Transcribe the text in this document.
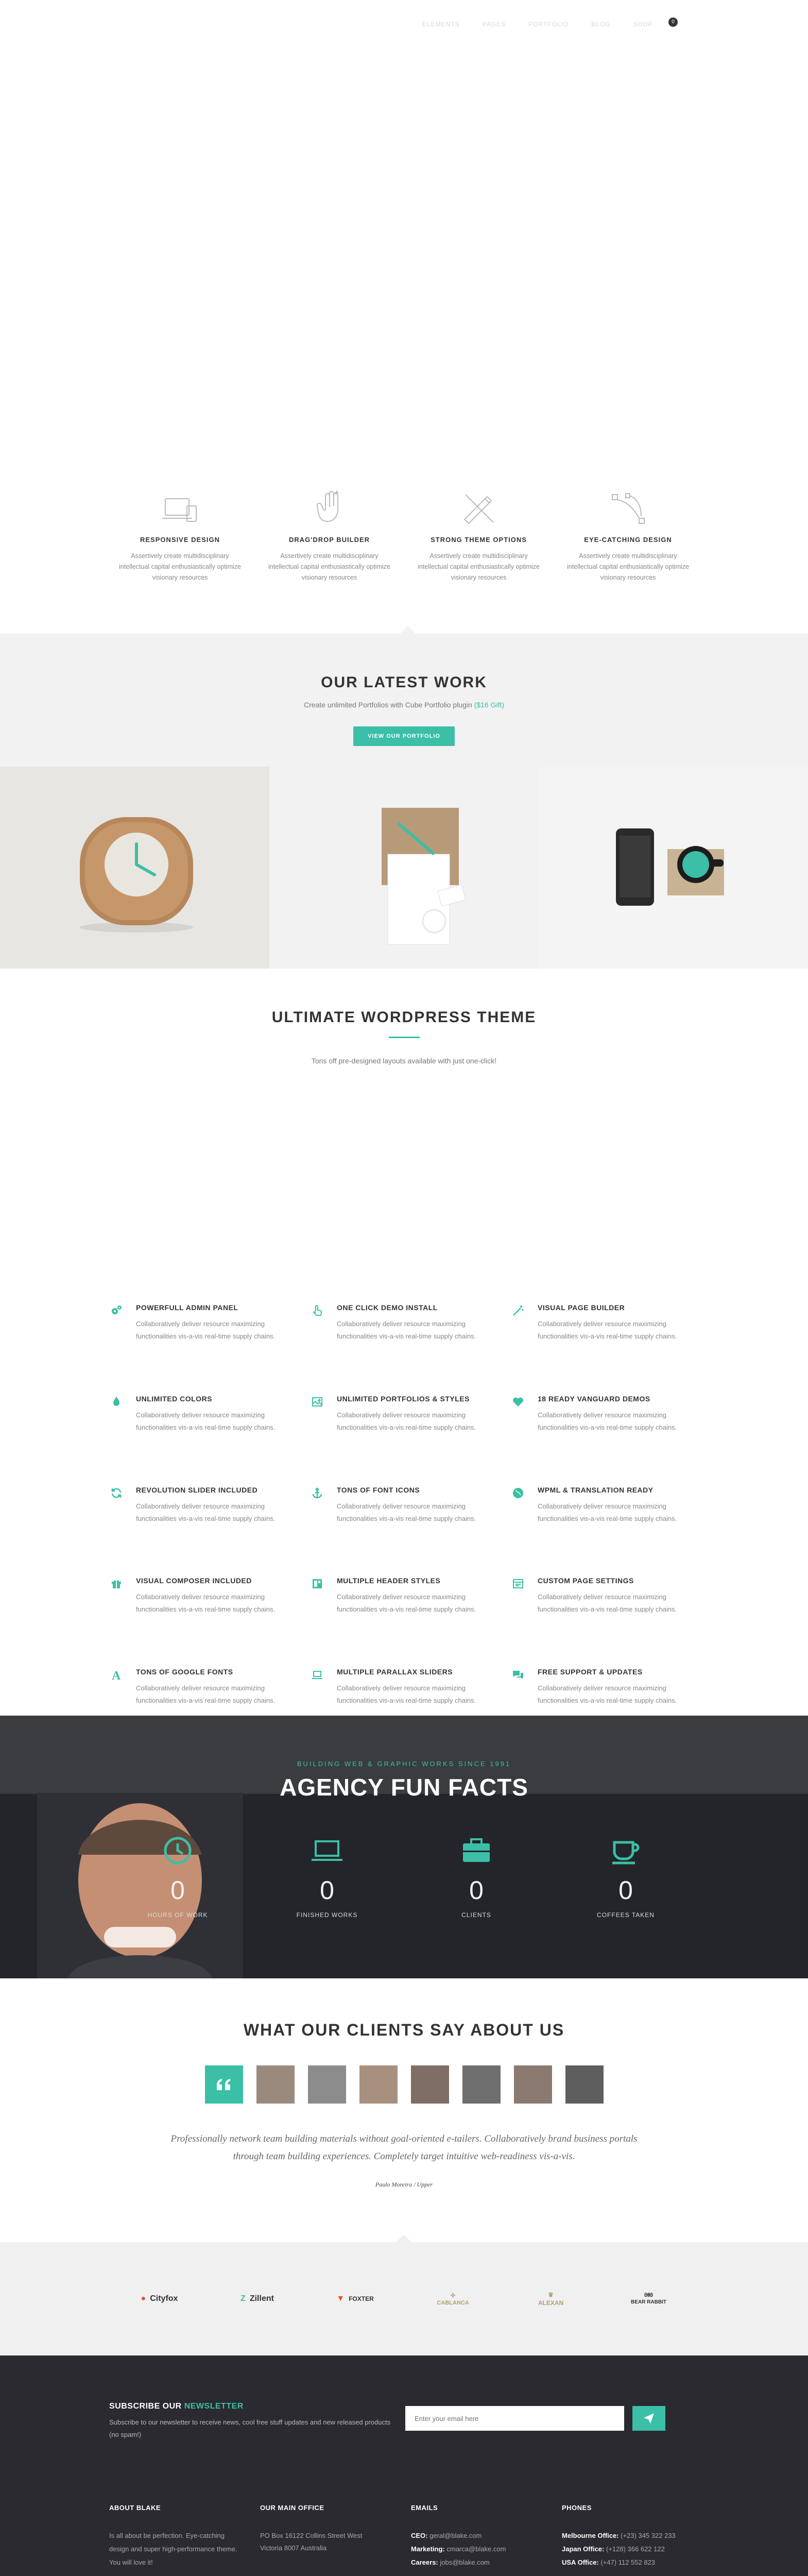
ELEMENTS	PAGES	PORTFOLIO	BLOG	SHOP	0
RESPONSIVE DESIGN

Assertively create multidisciplinary intellectual capital enthusiastically optimize visionary resources

DRAG'DROP BUILDER

Assertively create multidisciplinary intellectual capital enthusiastically optimize visionary resources

STRONG THEME OPTIONS

Assertively create multidisciplinary intellectual capital enthusiastically optimize visionary resources

EYE-CATCHING DESIGN

Assertively create multidisciplinary intellectual capital enthusiastically optimize visionary resources

OUR LATEST WORK
Create unlimited Portfolios with Cube Portfolio plugin ($16 Gift)
VIEW OUR PORTFOLIO
ULTIMATE WORDPRESS THEME

Tons off pre-designed layouts available with just one-click!

POWERFULL ADMIN PANEL

Collaboratively deliver resource maximizing functionalities vis-a-vis real-time supply chains.

ONE CLICK DEMO INSTALL

Collaboratively deliver resource maximizing functionalities vis-a-vis real-time supply chains.

VISUAL PAGE BUILDER

Collaboratively deliver resource maximizing functionalities vis-a-vis real-time supply chains.

UNLIMITED COLORS

Collaboratively deliver resource maximizing functionalities vis-a-vis real-time supply chains.

UNLIMITED PORTFOLIOS & STYLES

Collaboratively deliver resource maximizing functionalities vis-a-vis real-time supply chains.

18 READY VANGUARD DEMOS

Collaboratively deliver resource maximizing functionalities vis-a-vis real-time supply chains.

REVOLUTION SLIDER INCLUDED

Collaboratively deliver resource maximizing functionalities vis-a-vis real-time supply chains.

TONS OF FONT ICONS

Collaboratively deliver resource maximizing functionalities vis-a-vis real-time supply chains.

WPML & TRANSLATION READY

Collaboratively deliver resource maximizing functionalities vis-a-vis real-time supply chains.

VISUAL COMPOSER INCLUDED

Collaboratively deliver resource maximizing functionalities vis-a-vis real-time supply chains.

MULTIPLE HEADER STYLES

Collaboratively deliver resource maximizing functionalities vis-a-vis real-time supply chains.

CUSTOM PAGE SETTINGS

Collaboratively deliver resource maximizing functionalities vis-a-vis real-time supply chains.

A TONS OF GOOGLE FONTS

Collaboratively deliver resource maximizing functionalities vis-a-vis real-time supply chains.

MULTIPLE PARALLAX SLIDERS

Collaboratively deliver resource maximizing functionalities vis-a-vis real-time supply chains.

FREE SUPPORT & UPDATES

Collaboratively deliver resource maximizing functionalities vis-a-vis real-time supply chains.

BUILDING WEB & GRAPHIC WORKS SINCE 1991
AGENCY FUN FACTS
0
HOURS OF WORK
0
FINISHED WORKS
0
CLIENTS
0
COFFEES TAKEN
WHAT OUR CLIENTS SAY ABOUT US

Professionally network team building materials without goal-oriented e-tailers. Collaboratively brand business portals through team building experiences. Completely target intuitive web-readiness vis-a-vis.

Paulo Moreira / Upper
● Cityfox	Z Zillent	▼ FOXTER	✣
CABLANCA
♛
ALEXAN
ᘛᘚ
BEAR RABBIT
SUBSCRIBE OUR NEWSLETTER

Subscribe to our newsletter to receive news, cool free stuff updates and new released products (no spam!)

Enter your email here
ABOUT BLAKE

Is all about be perfection. Eye-catching design and super high-performance theme. You will love it!

OUR MAIN OFFICE

PO Box 16122 Collins Street West

Victoria 8007 Australia

EMAILS

CEO: geral@blake.com

Marketing: cmarca@blake.com

Careers: jobs@blake.com

PHONES

Melbourne Office: (+23) 345 322 233

Japan Office: (+128) 366 622 122

USA Office: (+47) 112 552 823
